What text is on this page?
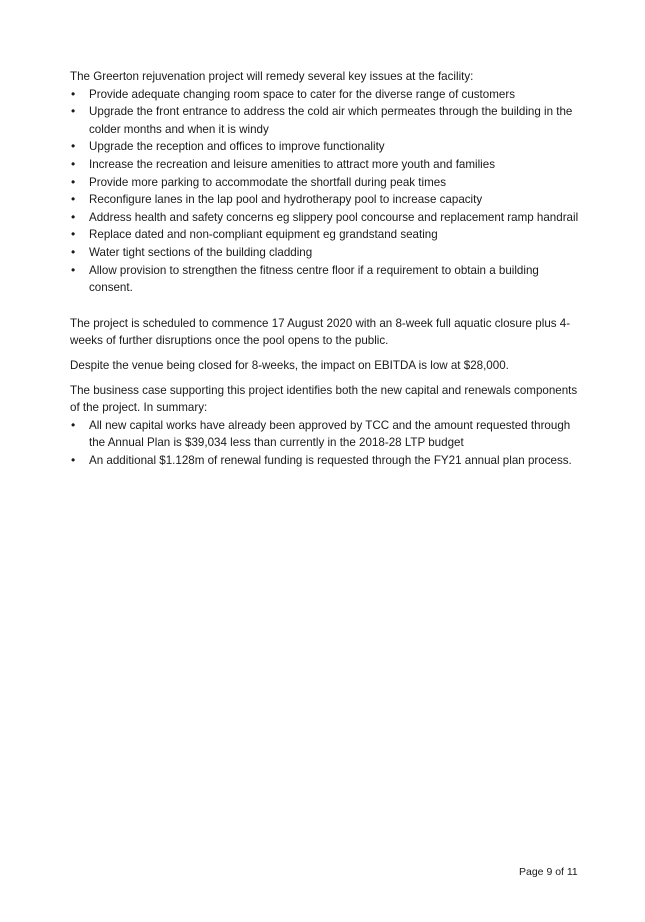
The Greerton rejuvenation project will remedy several key issues at the facility:

• Provide adequate changing room space to cater for the diverse range of customers
• Upgrade the front entrance to address the cold air which permeates through the building in the colder months and when it is windy
• Upgrade the reception and offices to improve functionality
• Increase the recreation and leisure amenities to attract more youth and families
• Provide more parking to accommodate the shortfall during peak times
• Reconfigure lanes in the lap pool and hydrotherapy pool to increase capacity
• Address health and safety concerns eg slippery pool concourse and replacement ramp handrail
• Replace dated and non-compliant equipment eg grandstand seating
• Water tight sections of the building cladding
• Allow provision to strengthen the fitness centre floor if a requirement to obtain a building consent.

The project is scheduled to commence 17 August 2020 with an 8-week full aquatic closure plus 4-weeks of further disruptions once the pool opens to the public.

Despite the venue being closed for 8-weeks, the impact on EBITDA is low at $28,000.

The business case supporting this project identifies both the new capital and renewals components of the project. In summary:

• All new capital works have already been approved by TCC and the amount requested through the Annual Plan is $39,034 less than currently in the 2018-28 LTP budget
• An additional $1.128m of renewal funding is requested through the FY21 annual plan process.
Page 9 of 11
